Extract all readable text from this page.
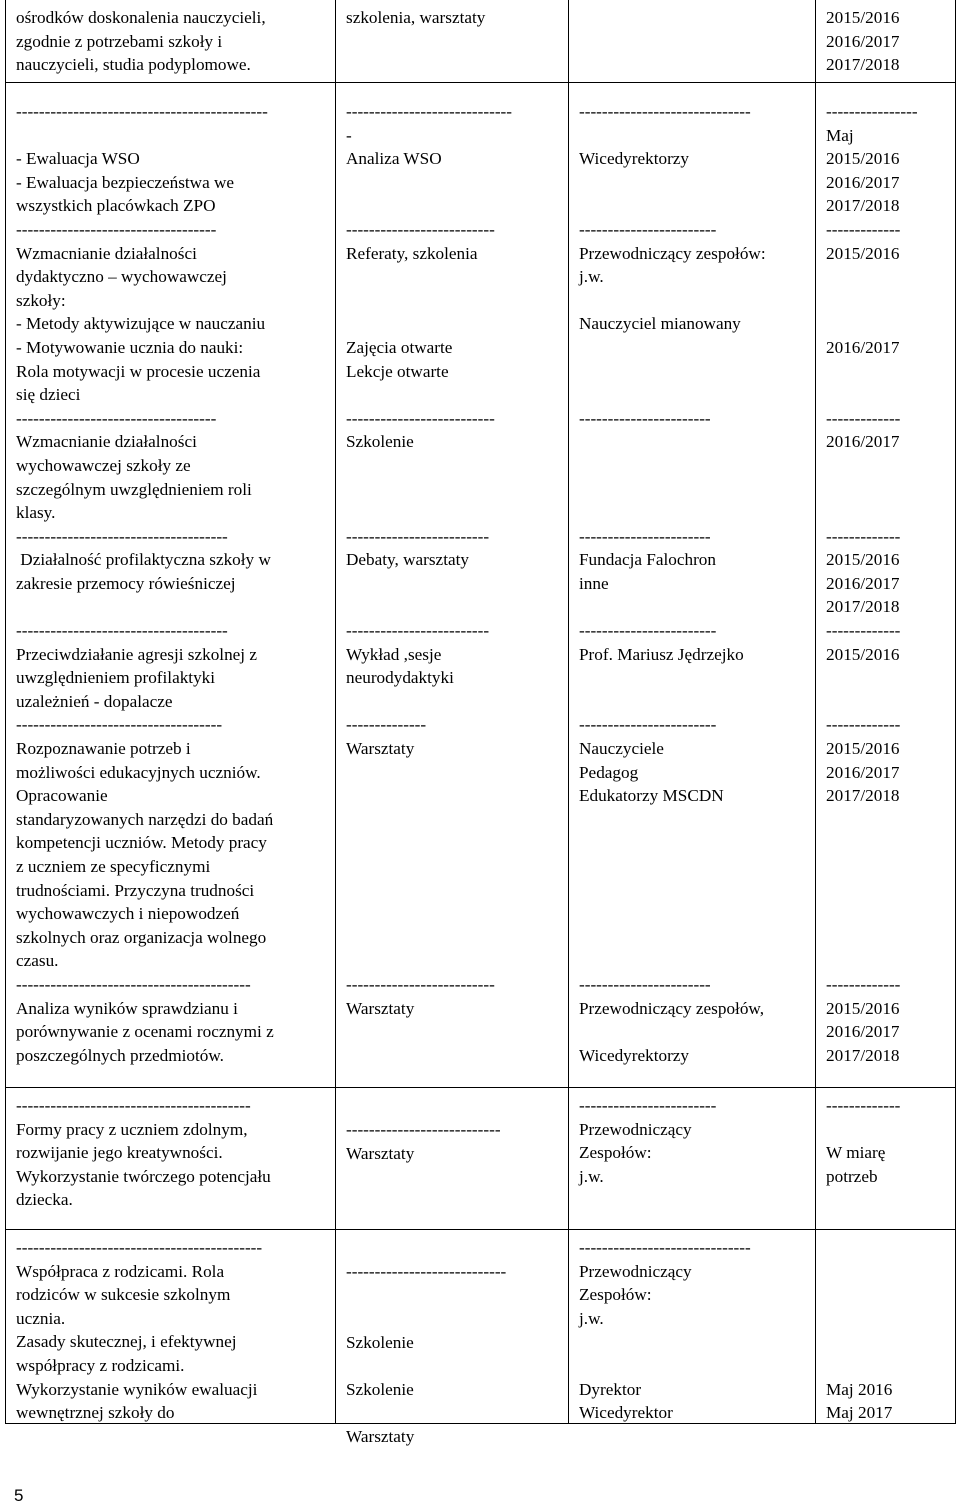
ośrodków doskonalenia nauczycieli,
zgodnie z potrzebami szkoły i
nauczycieli, studia podyplomowe.
szkolenia, warsztaty	2015/2016
2016/2017
2017/2018
--------------------------------------------

- Ewaluacja WSO
- Ewaluacja bezpieczeństwa we
wszystkich placówkach ZPO
-----------------------------------
Wzmacnianie działalności
dydaktyczno – wychowawczej
szkoły:
- Metody aktywizujące w nauczaniu
- Motywowanie ucznia do nauki:
Rola motywacji w procesie uczenia
się dzieci
-----------------------------------
Wzmacnianie działalności
wychowawczej szkoły ze
szczególnym uwzględnieniem roli
klasy.
-------------------------------------
Działalność profilaktyczna szkoły w
zakresie przemocy rówieśniczej

-------------------------------------
Przeciwdziałanie agresji szkolnej z
uwzględnieniem profilaktyki
uzależnień - dopalacze
------------------------------------
Rozpoznawanie potrzeb i
możliwości edukacyjnych uczniów.
Opracowanie
standaryzowanych narzędzi do badań
kompetencji uczniów. Metody pracy
z uczniem ze specyficznymi
trudnościami. Przyczyna trudności
wychowawczych i niepowodzeń
szkolnych oraz organizacja wolnego
czasu.
-----------------------------------------
Analiza wyników sprawdzianu i
porównywanie z ocenami rocznymi z
poszczególnych przedmiotów.
-----------------------------
-
Analiza WSO

--------------------------
Referaty, szkolenia

Zajęcia otwarte
Lekcje otwarte

--------------------------
Szkolenie

-------------------------
Debaty, warsztaty

-------------------------
Wykład ,sesje
neurodydaktyki

--------------
Warsztaty

--------------------------
Warsztaty
------------------------------

Wicedyrektorzy

------------------------
Przewodniczący zespołów:
j.w.

Nauczyciel mianowany

-----------------------

-----------------------
Fundacja Falochron
inne

------------------------
Prof. Mariusz Jędrzejko

------------------------
Nauczyciele
Pedagog
Edukatorzy MSCDN

-----------------------
Przewodniczący zespołów,

Wicedyrektorzy
----------------
Maj
2015/2016
2016/2017
2017/2018
-------------
2015/2016

2016/2017

-------------
2016/2017

-------------
2015/2016
2016/2017
2017/2018
-------------
2015/2016

-------------
2015/2016
2016/2017
2017/2018

-------------
2015/2016
2016/2017
2017/2018
-----------------------------------------
Formy pracy z uczniem zdolnym,
rozwijanie jego kreatywności.
Wykorzystanie twórczego potencjału
dziecka.
---------------------------
Warsztaty
------------------------
Przewodniczący
Zespołów:
j.w.
-------------

W miarę
potrzeb
-------------------------------------------
Współpraca z rodzicami. Rola
rodziców w sukcesie szkolnym
ucznia.
Zasady skutecznej, i efektywnej
współpracy z rodzicami.
Wykorzystanie wyników ewaluacji
wewnętrznej szkoły do
----------------------------

Szkolenie

Szkolenie

Warsztaty
------------------------------
Przewodniczący
Zespołów:
j.w.

Dyrektor
Wicedyrektor

Maj 2016
Maj 2017
5
